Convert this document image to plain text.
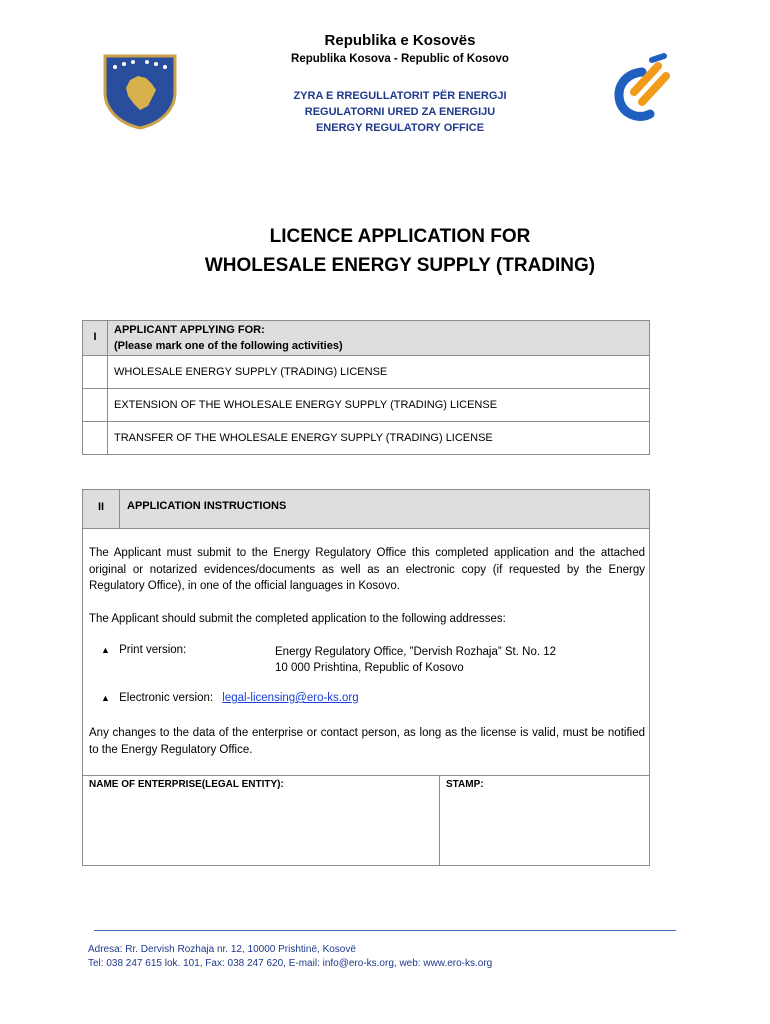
Republika e Kosovës
Republika Kosova - Republic of Kosovo
ZYRA E RREGULLATORIT PËR ENERGJI
REGULATORNI URED ZA ENERGIJU
ENERGY REGULATORY OFFICE
LICENCE APPLICATION FOR
WHOLESALE ENERGY SUPPLY (TRADING)
I	APPLICANT APPLYING FOR:
(Please mark one of the following activities)

	WHOLESALE ENERGY SUPPLY (TRADING) LICENSE
	EXTENSION OF THE WHOLESALE ENERGY SUPPLY (TRADING) LICENSE
	TRANSFER OF THE WHOLESALE ENERGY SUPPLY (TRADING) LICENSE
II	APPLICATION INSTRUCTIONS
The Applicant must submit to the Energy Regulatory Office this completed application and the attached original or notarized evidences/documents as well as an electronic copy (if requested by the Energy Regulatory Office), in one of the official languages in Kosovo.
The Applicant should submit the completed application to the following addresses:
▲ Print version:	Energy Regulatory Office, ”Dervish Rozhaja” St. No. 12
10 000 Prishtina, Republic of Kosovo
▲ Electronic version: legal-licensing@ero-ks.org
Any changes to the data of the enterprise or contact person, as long as the license is valid, must be notified to the Energy Regulatory Office.
NAME OF ENTERPRISE(LEGAL ENTITY):	STAMP:
Adresa: Rr. Dervish Rozhaja nr. 12, 10000 Prishtinë, Kosovë
Tel: 038 247 615 lok. 101, Fax: 038 247 620, E-mail: info@ero-ks.org, web: www.ero-ks.org
